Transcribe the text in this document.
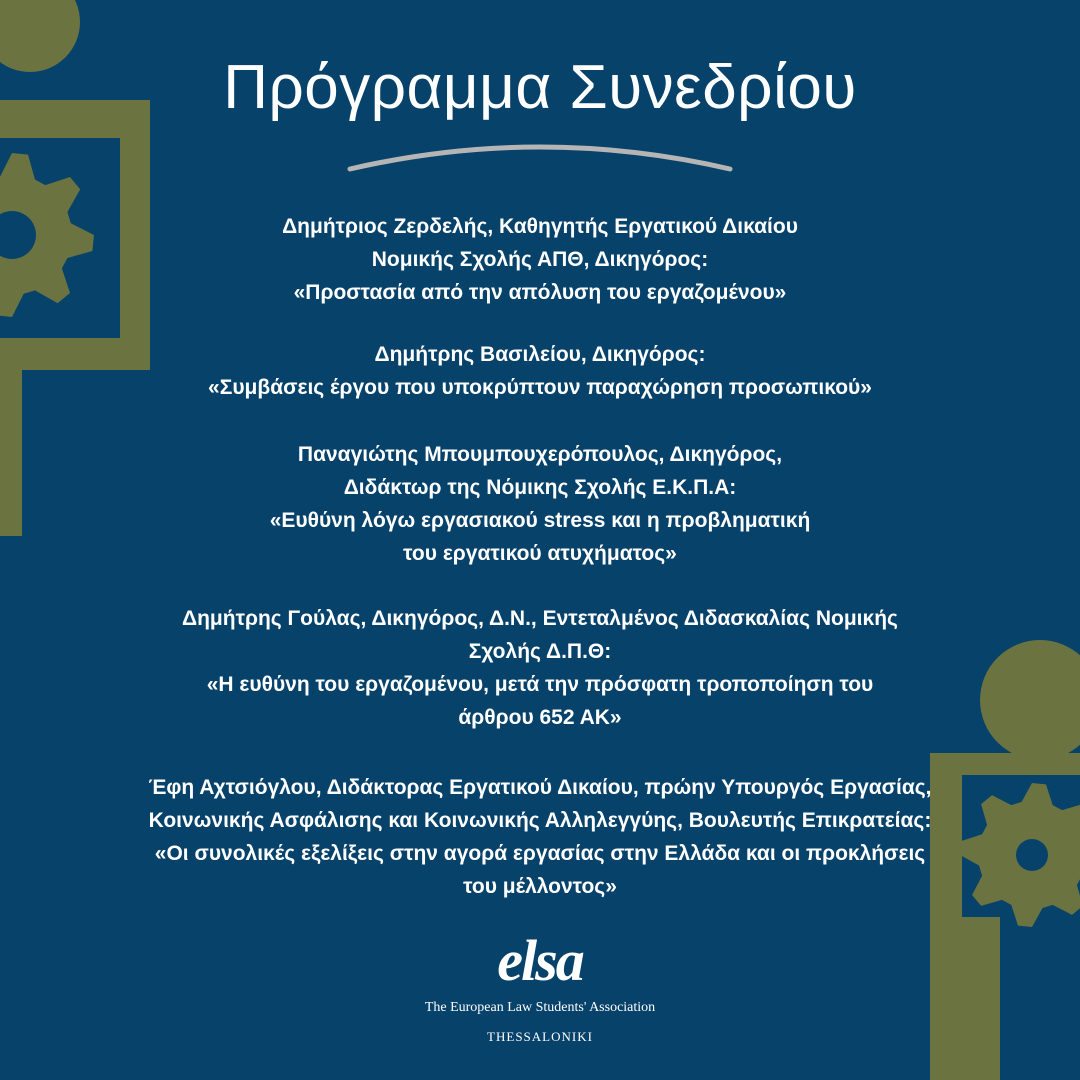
Πρόγραμμα Συνεδρίου
Δημήτριος Ζερδελής, Καθηγητής Εργατικού Δικαίου
Νομικής Σχολής ΑΠΘ, Δικηγόρος:
«Προστασία από την απόλυση του εργαζομένου»
Δημήτρης Βασιλείου, Δικηγόρος:
«Συμβάσεις έργου που υποκρύπτουν παραχώρηση προσωπικού»
Παναγιώτης Μπουμπουχερόπουλος, Δικηγόρος,
Διδάκτωρ της Νόμικης Σχολής Ε.Κ.Π.Α:
«Ευθύνη λόγω εργασιακού stress και η προβληματική
του εργατικού ατυχήματος»
Δημήτρης Γούλας, Δικηγόρος, Δ.Ν., Εντεταλμένος Διδασκαλίας Νομικής
Σχολής Δ.Π.Θ:
«Η ευθύνη του εργαζομένου, μετά την πρόσφατη τροποποίηση του
άρθρου 652 ΑΚ»
Έφη Αχτσιόγλου, Διδάκτορας Εργατικού Δικαίου, πρώην Υπουργός Εργασίας,
Κοινωνικής Ασφάλισης και Κοινωνικής Αλληλεγγύης, Βουλευτής Επικρατείας:
«Οι συνολικές εξελίξεις στην αγορά εργασίας στην Ελλάδα και οι προκλήσεις
του μέλλοντος»
elsa
The European Law Students' Association
THESSALONIKI
